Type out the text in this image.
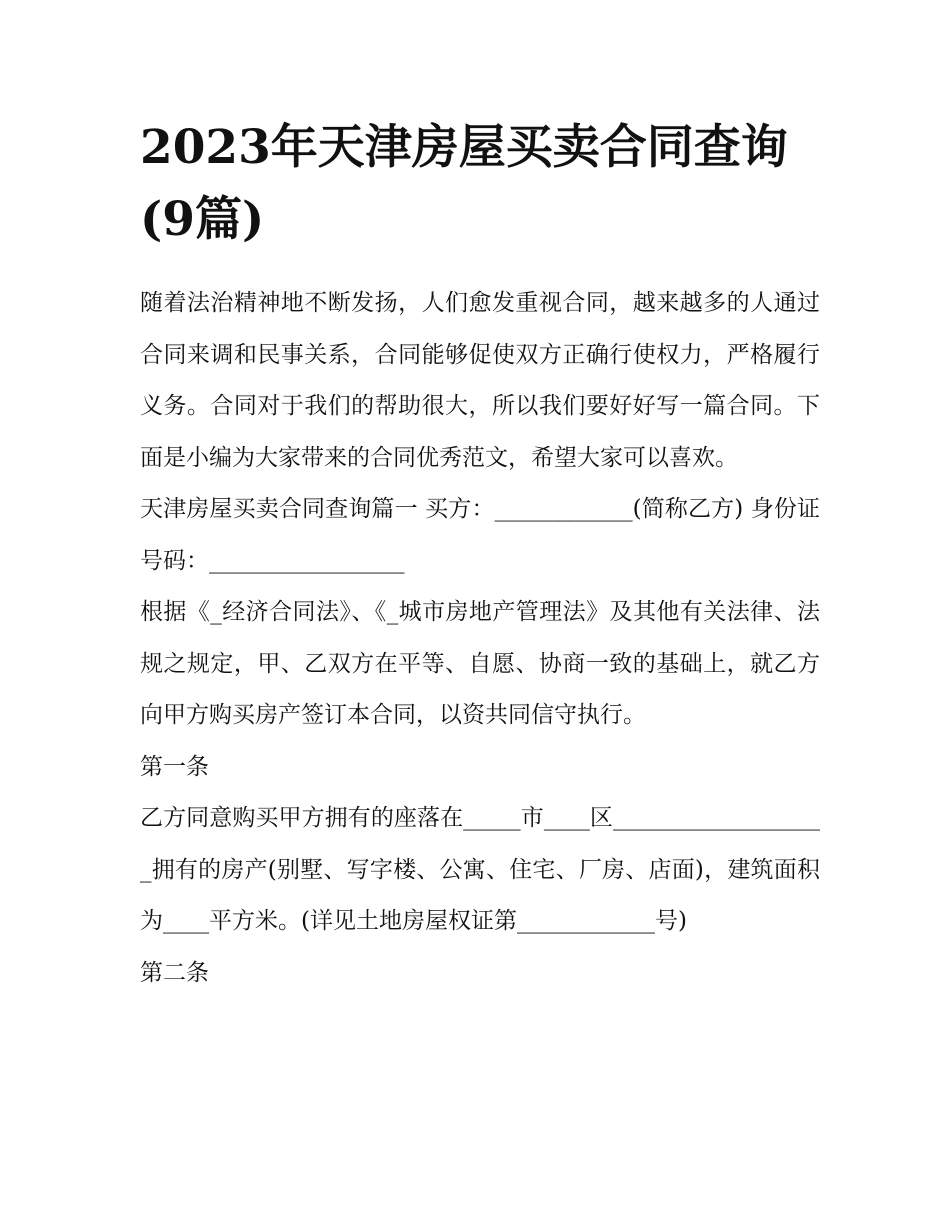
2023年天津房屋买卖合同查询(9篇)

随着法治精神地不断发扬，人们愈发重视合同，越来越多的人通过合同来调和民事关系，合同能够促使双方正确行使权力，严格履行义务。合同对于我们的帮助很大，所以我们要好好写一篇合同。下面是小编为大家带来的合同优秀范文，希望大家可以喜欢。

天津房屋买卖合同查询篇一 买方：____________(简称乙方) 身份证号码：_________________

根据《_经济合同法》、《_城市房地产管理法》及其他有关法律、法规之规定，甲、乙双方在平等、自愿、协商一致的基础上，就乙方向甲方购买房产签订本合同，以资共同信守执行。

第一条

乙方同意购买甲方拥有的座落在_____市____区___________________拥有的房产(别墅、写字楼、公寓、住宅、厂房、店面)，建筑面积为____平方米。(详见土地房屋权证第____________号)

第二条
